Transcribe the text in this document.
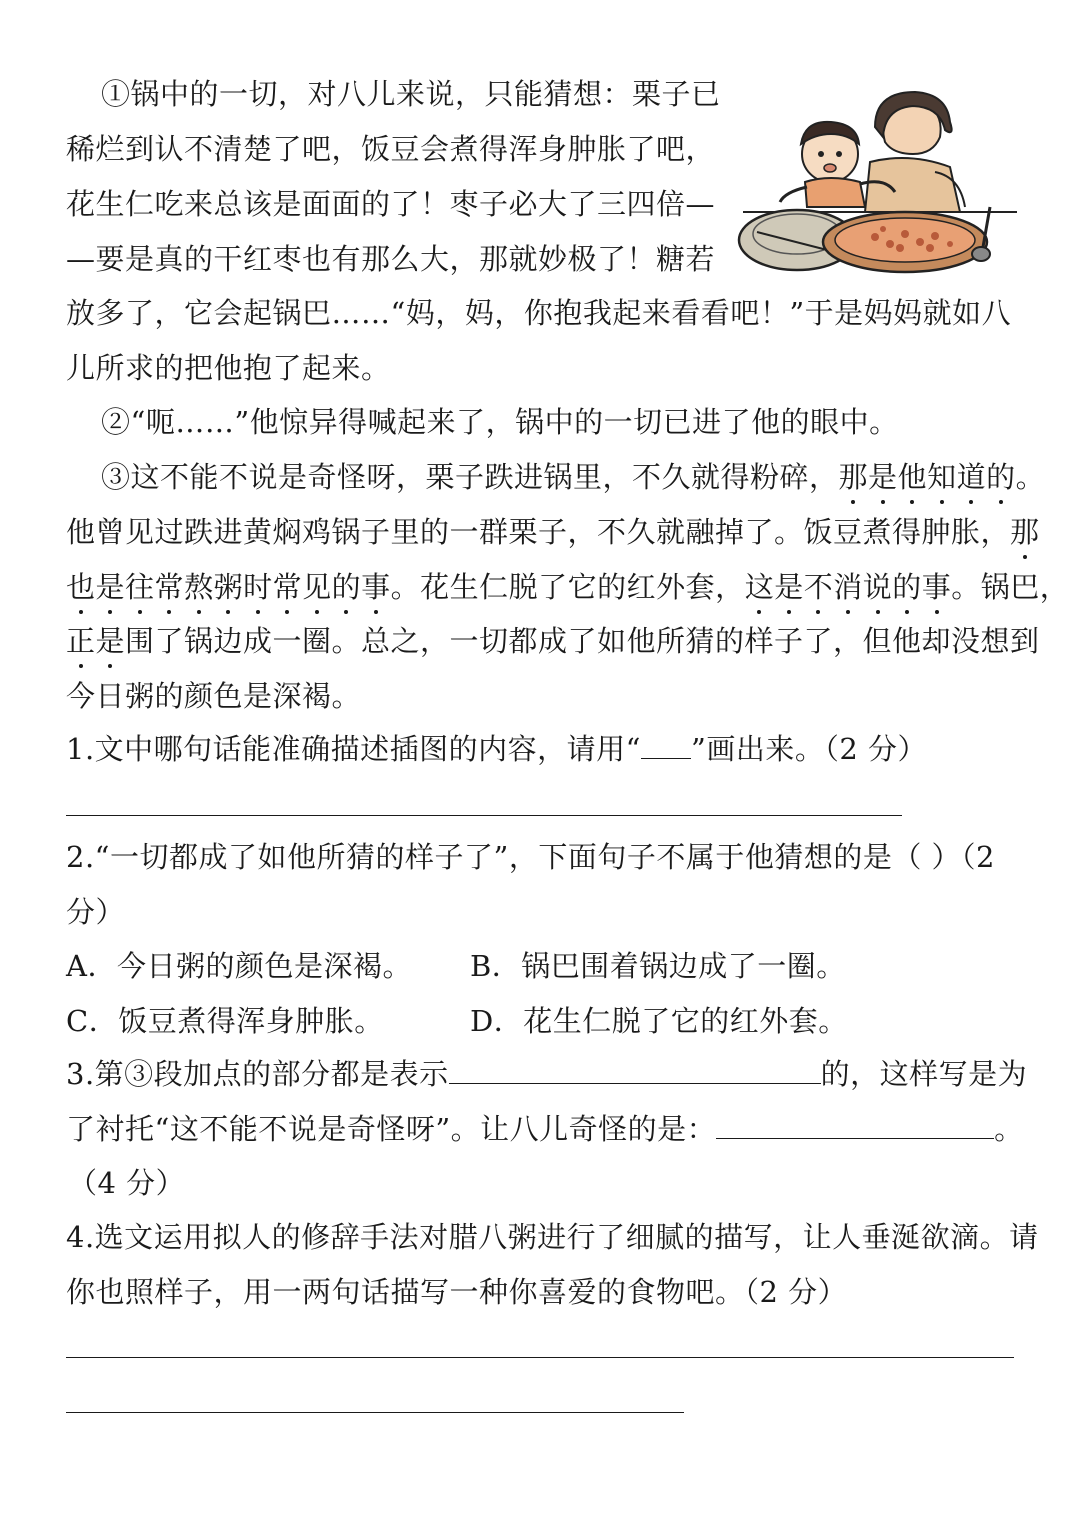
①锅中的一切，对八儿来说，只能猜想：栗子已
稀烂到认不清楚了吧，饭豆会煮得浑身肿胀了吧，
花生仁吃来总该是面面的了！枣子必大了三四倍—
—要是真的干红枣也有那么大，那就妙极了！糖若
放多了，它会起锅巴……“妈，妈，你抱我起来看看吧！”于是妈妈就如八
儿所求的把他抱了起来。
②“呃……”他惊异得喊起来了，锅中的一切已进了他的眼中。
③这不能不说是奇怪呀，栗子跌进锅里，不久就得粉碎，那是他知道的。
他曾见过跌进黄焖鸡锅子里的一群栗子，不久就融掉了。饭豆煮得肿胀，那
也是往常熬粥时常见的事。花生仁脱了它的红外套，这是不消说的事。锅巴，
正是围了锅边成一圈。总之，一切都成了如他所猜的样子了，但他却没想到
今日粥的颜色是深褐。
1.文中哪句话能准确描述插图的内容，请用“ ”画出来。（2 分）
2.“一切都成了如他所猜的样子了”，下面句子不属于他猜想的是（ ）（2
分）
A．今日粥的颜色是深褐。 B．锅巴围着锅边成了一圈。
C．饭豆煮得浑身肿胀。	D．花生仁脱了它的红外套。
3.第③段加点的部分都是表示	的，这样写是为
了衬托“这不能不说是奇怪呀”。让八儿奇怪的是：	。
（4 分）
4.选文运用拟人的修辞手法对腊八粥进行了细腻的描写，让人垂涎欲滴。请
你也照样子，用一两句话描写一种你喜爱的食物吧。（2 分）
